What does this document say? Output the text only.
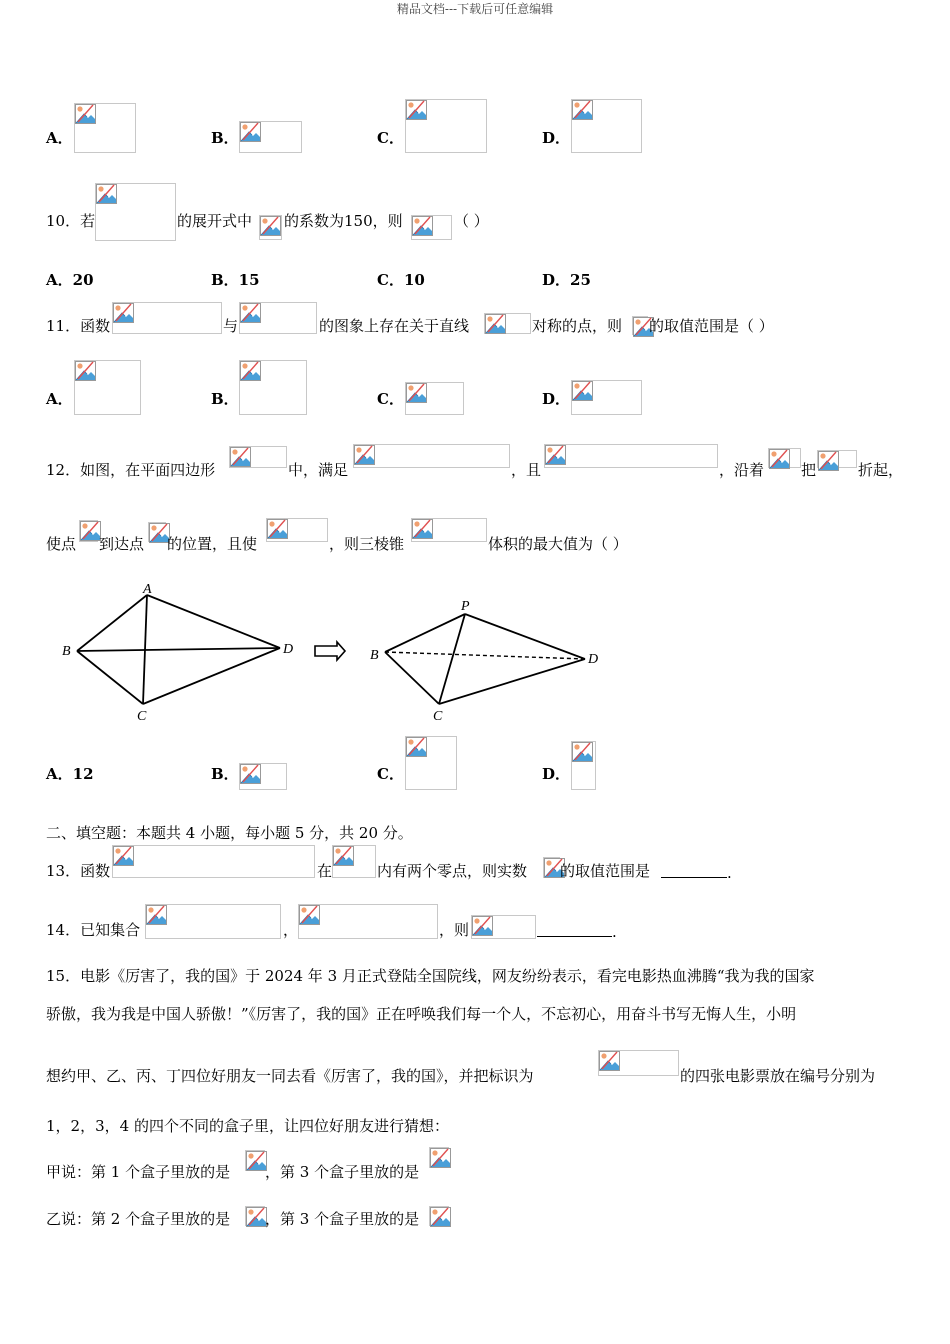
精品文档---下载后可任意编辑
A．	B．	C．	D．
10．若	的展开式中 的系数为150，则	（ ）
A．20	B．15	C．10	D．25
11．函数	与	的图象上存在关于直线	对称的点，则 的取值范围是（ ）
A．	B．	C．	D．
12．如图，在平面四边形	中，满足	，且	，沿着 把	折起，
使点 到达点 的位置，且使	，则三棱锥	体积的最大值为（ ）
A
B
C
D
P
B
C
D
A．12	B．	C．	D．
二、填空题：本题共 4 小题，每小题 5 分，共 20 分。
13．函数	在	内有两个零点，则实数 的取值范围是	.
14．已知集合	，	，则	.
15．电影《厉害了，我的国》于 2024 年 3 月正式登陆全国院线，网友纷纷表示，看完电影热血沸腾“我为我的国家
骄傲，我为我是中国人骄傲！”《厉害了，我的国》正在呼唤我们每一个人，不忘初心，用奋斗书写无悔人生，小明
想约甲、乙、丙、丁四位好朋友一同去看《厉害了，我的国》，并把标识为	的四张电影票放在编号分别为
1，2，3，4 的四个不同的盒子里，让四位好朋友进行猜想：
甲说：第 1 个盒子里放的是 ，第 3 个盒子里放的是
乙说：第 2 个盒子里放的是 ，第 3 个盒子里放的是
